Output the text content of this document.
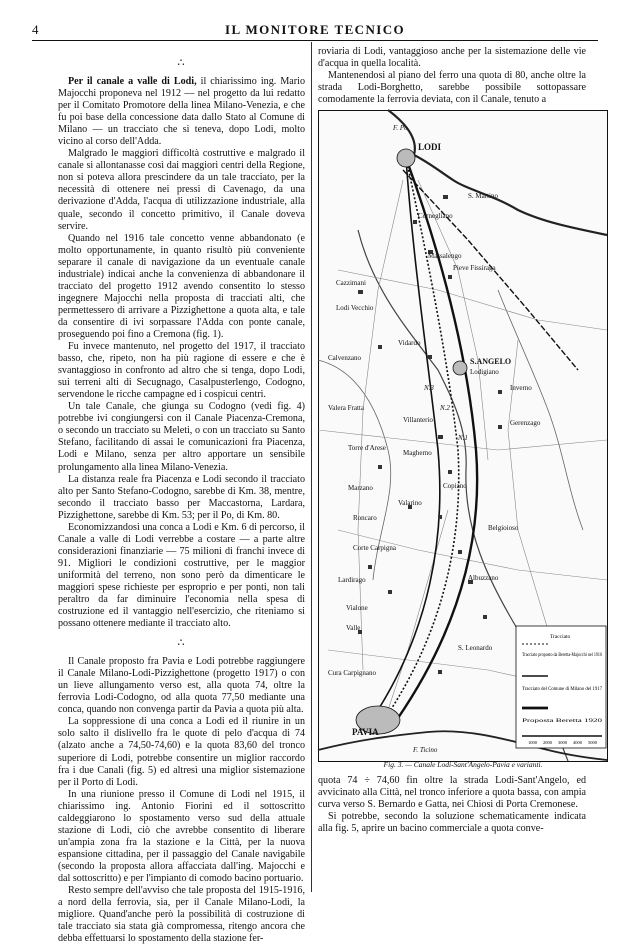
4	IL MONITORE TECNICO
∴

Per il canale a valle di Lodi, il chiarissimo ing. Mario Majocchi proponeva nel 1912 — nel progetto da lui redatto per il Comitato Promotore della linea Milano-Venezia, e che fu poi base della concessione data dallo Stato al Comune di Milano — un tracciato che si teneva, dopo Lodi, molto vicino al corso dell'Adda.

Malgrado le maggiori difficoltà costruttive e malgrado il canale si allontanasse così dai maggiori centri della Regione, non si poteva allora prescindere da un tale tracciato, per la necessità di ottenere nei pressi di Cavenago, da una derivazione d'Adda, l'acqua di utilizzazione industriale, alla quale, secondo il concetto primitivo, il Canale doveva servire.

Quando nel 1916 tale concetto venne abbandonato (e molto opportunamente, in quanto risultò più conveniente separare il canale di navigazione da un eventuale canale industriale) indicai anche la convenienza di abbandonare il tracciato del progetto 1912 avendo consentito lo stesso ingegnere Majocchi nella proposta di tracciati alti, che permettessero di arrivare a Pizzighettone a quota alta, e tale da consentire di ivi sorpassare l'Adda con ponte canale, proseguendo poi fino a Cremona (fig. 1).

Fu invece mantenuto, nel progetto del 1917, il tracciato basso, che, ripeto, non ha più ragione di essere e che è svantaggioso in confronto ad altro che si tenga, dopo Lodi, sui terreni alti di Secugnago, Casalpusterlengo, Codogno, servendone le ricche campagne ed i cospicui centri.

Un tale Canale, che giunga su Codogno (vedi fig. 4) potrebbe ivi congiungersi con il Canale Piacenza-Cremona, o secondo un tracciato su Meleti, o con un tracciato su Santo Stefano, facilitando di assai le comunicazioni fra Piacenza, Lodi e Milano, senza per altro apportare un sensibile prolungamento alla linea Milano-Venezia.

La distanza reale fra Piacenza e Lodi secondo il tracciato alto per Santo Stefano-Codogno, sarebbe di Km. 38, mentre, secondo il tracciato basso per Maccastorna, Lardara, Pizzighettone, sarebbe di Km. 53; per il Po, di Km. 80.

Economizzandosi una conca a Lodi e Km. 6 di percorso, il Canale a valle di Lodi verrebbe a costare — a parte altre considerazioni finanziarie — 75 milioni di franchi invece di 91. Migliori le condizioni costruttive, per le maggior uniformità del terreno, non sono però da dimenticare le maggiori spese richieste per esproprio e per ponti, non tali peraltro da far diminuire l'economia nella spesa di costruzione ed il vantaggio nell'esercizio, che riteniamo si possano ottenere mediante il tracciato alto.

∴

Il Canale proposto fra Pavia e Lodi potrebbe raggiungere il Canale Milano-Lodi-Pizzighettone (progetto 1917) o con un lieve allungamento verso est, alla quota 74, oltre la ferrovia Lodi-Codogno, od alla quota 77,50 mediante una conca, quando non convenga partir da Pavia a quota più alta.

La soppressione di una conca a Lodi ed il riunire in un solo salto il dislivello fra le quote di pelo d'acqua di 74 (alzato anche a 74,50-74,60) e la quota 83,60 del tronco superiore di Lodi, potrebbe consentire un miglior raccordo fra i due Canali (fig. 5) ed altresì una miglior sistemazione per il Porto di Lodi.

In una riunione presso il Comune di Lodi nel 1915, il chiarissimo ing. Antonio Fiorini ed il sottoscritto caldeggiarono lo spostamento verso sud della attuale stazione di Lodi, ciò che avrebbe consentito di liberare un'ampia zona fra la stazione e la Città, per la nuova espansione cittadina, per il passaggio del Canale navigabile (secondo la proposta allora affacciata dall'ing. Majocchi e dal sottoscritto) e per l'impianto di comodo bacino portuario.

Resto sempre dell'avviso che tale proposta del 1915-1916, a nord della ferrovia, sia, per il Canale Milano-Lodi, la migliore. Quand'anche però la possibilità di costruzione di tale tracciato sia stata già compromessa, ritengo ancora che debba effettuarsi lo spostamento della stazione fer-

roviaria di Lodi, vantaggioso anche per la sistemazione delle vie d'acqua in quella località.

Mantenendosi al piano del ferro una quota di 80, anche oltre la strada Lodi-Borghetto, sarebbe possibile sottopassare comodamente la ferrovia deviata, con il Canale, tenuto a

LODI
S. Martino
Cornegliano
Massalengo
Pieve Fissiraga
Cazzimani
Lodi Vecchio
Calvenzano
Vidardo
S.ANGELO
Lodigiano
Valera Fratta
Inverno
Gerenzago
Villanterio
Torre d'Arese
Magherno
Marzano	Copiano
Valarino
Roncaro
Corte Carpigna
Belgioioso
Albuzzano
Lardirago
Vialone
Valle
S. Leonardo
Cura Carpignano
PAVIA
F. Ticino
F. Po
N.3
N.2
N.1
Tracciato
Tracciato proposto da Beretta-Majocchi nel 1916
Tracciato del Comune di Milano del 1917
Proposta Beretta 1920
1000 2000 3000 4000 5000
Fig. 3. — Canale Lodi-Sant'Angelo-Pavia e varianti.

quota 74 ÷ 74,60 fin oltre la strada Lodi-Sant'Angelo, ed avvicinato alla Città, nel tronco inferiore a quota bassa, con ampia curva verso S. Bernardo e Gatta, nei Chiosi di Porta Cremonese.

Si potrebbe, secondo la soluzione schematicamente indicata alla fig. 5, aprire un bacino commerciale a quota conve-
